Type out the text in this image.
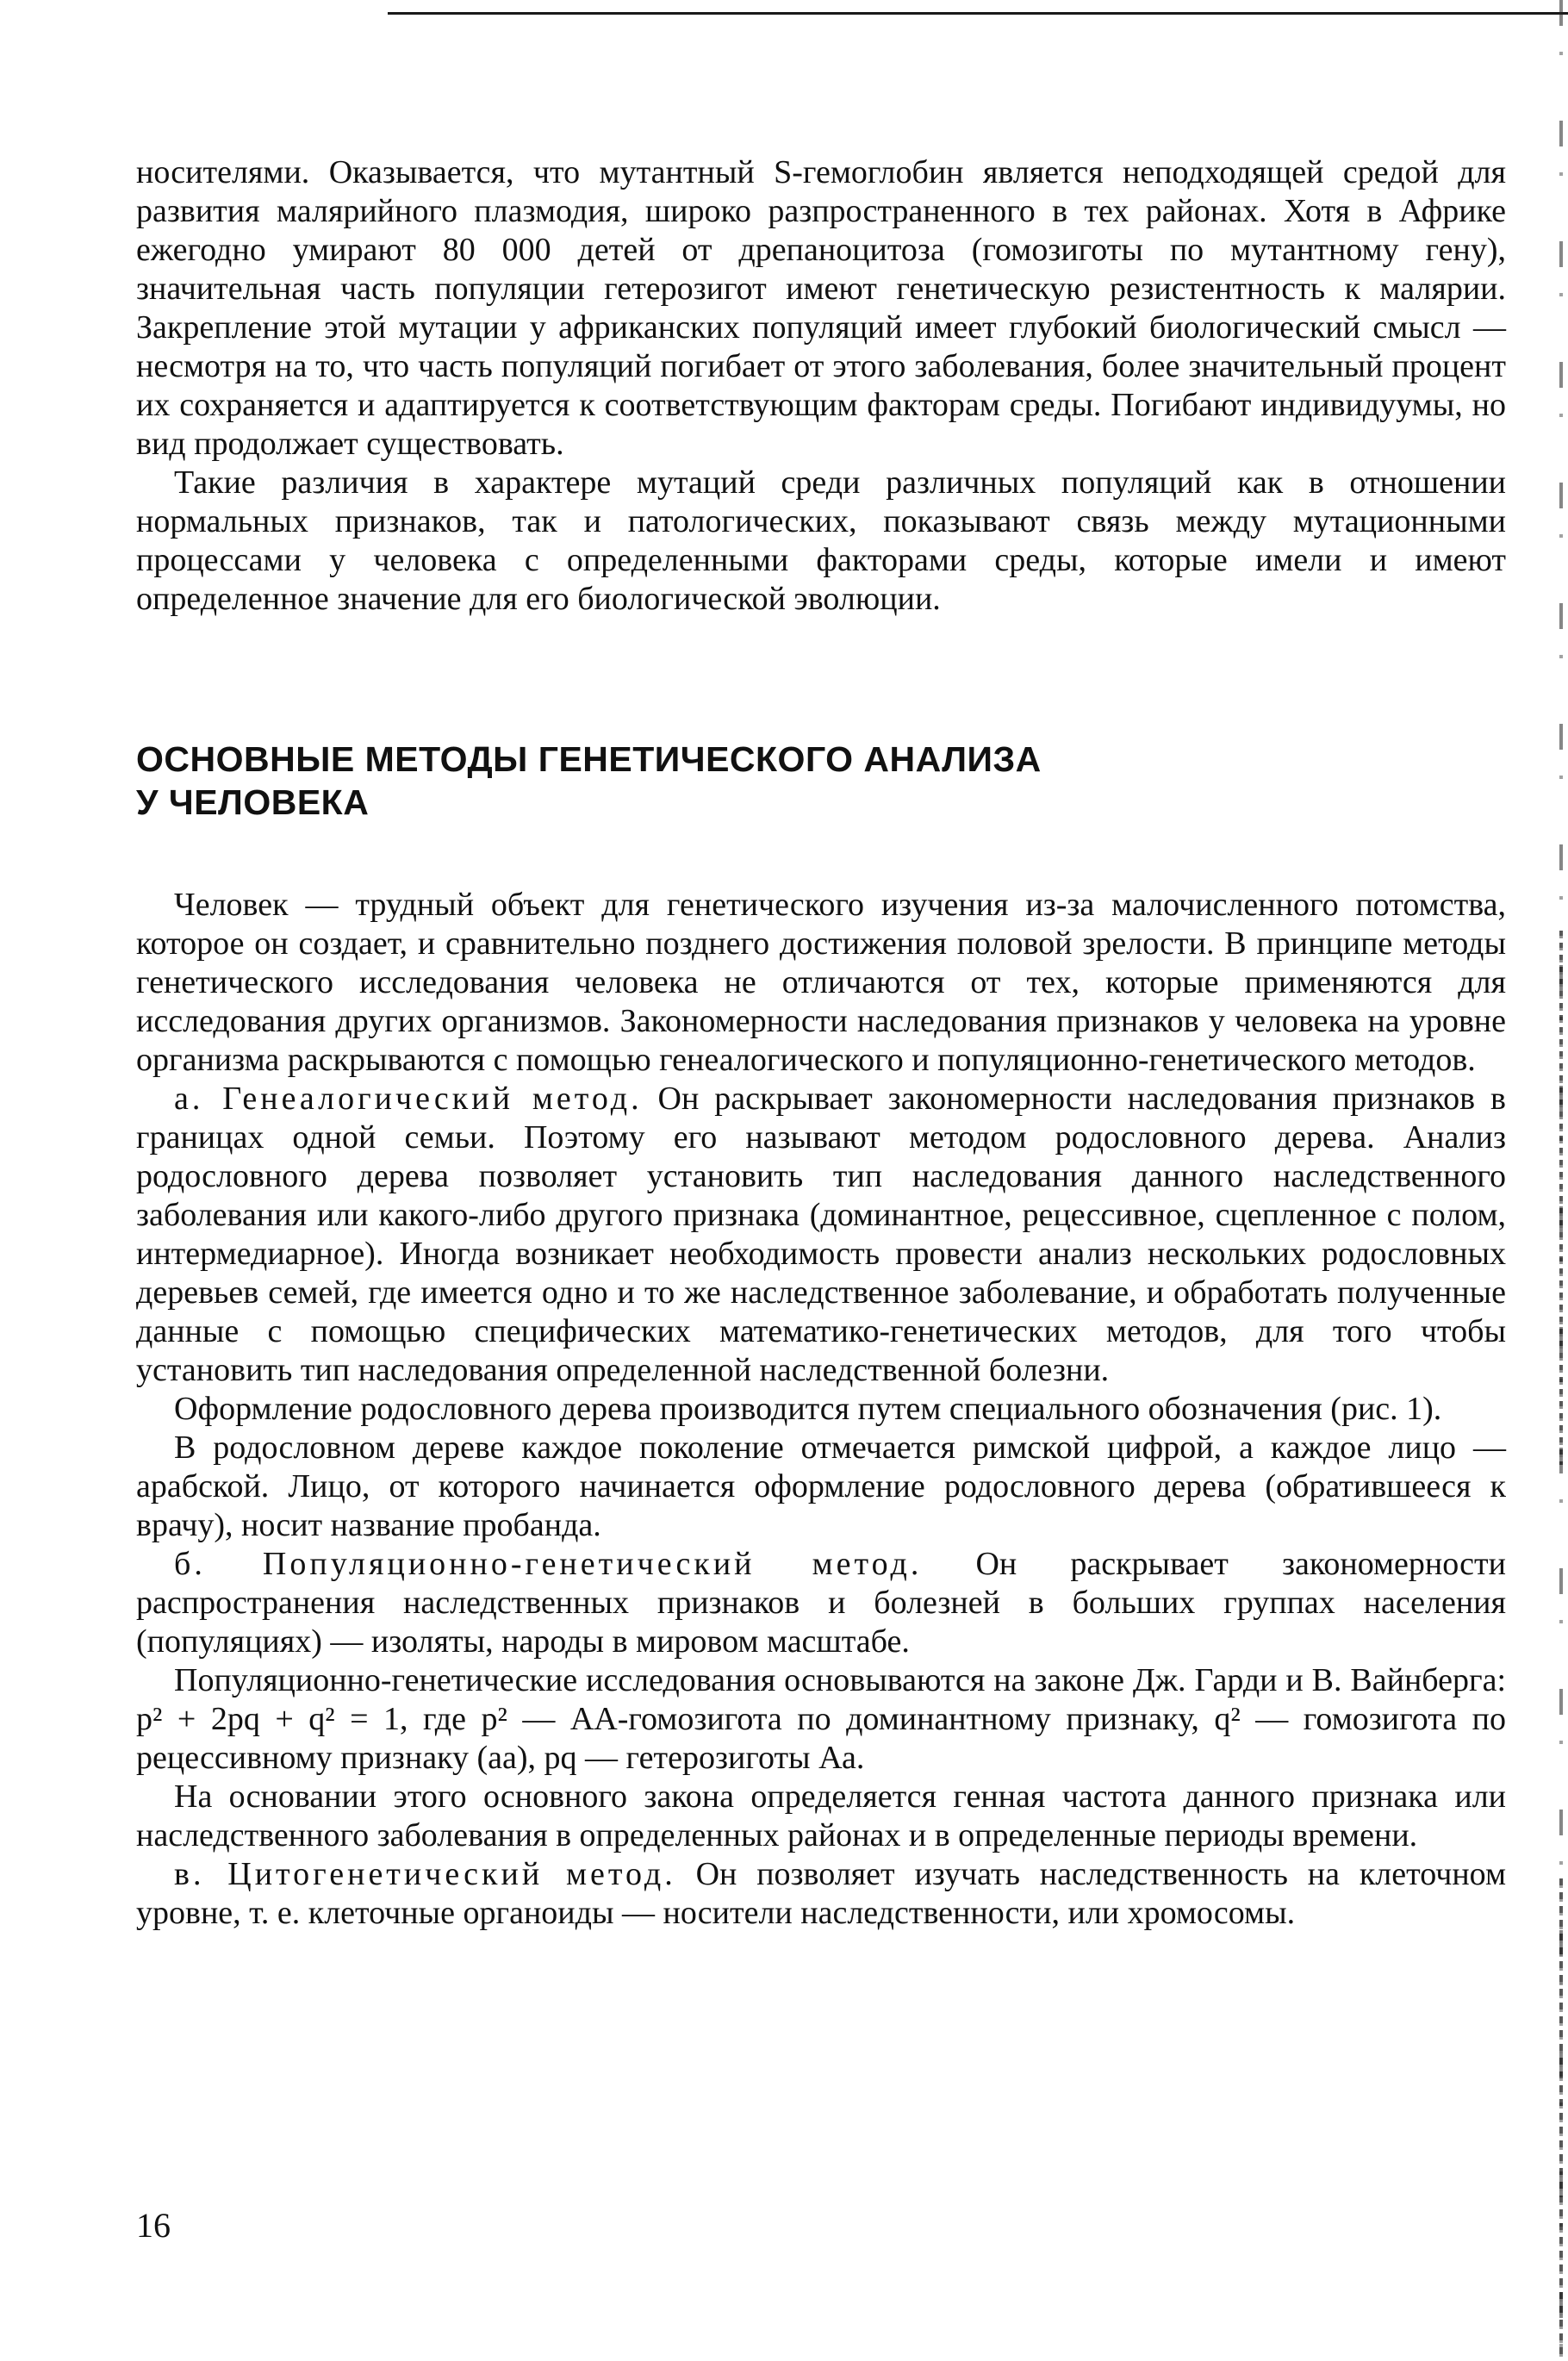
носителями. Оказывается, что мутантный S-гемоглобин является неподходящей средой для развития малярийного плазмодия, широко разпространенного в тех районах. Хотя в Африке ежегодно умирают 80 000 детей от дрепаноцитоза (гомозиготы по мутантному гену), значительная часть популяции гетерозигот имеют генетическую резистентность к малярии. Закрепление этой мутации у африканских популяций имеет глубокий биологический смысл — несмотря на то, что часть популяций погибает от этого заболевания, более значительный процент их сохраняется и адаптируется к соответствующим факторам среды. Погибают индивидуумы, но вид продолжает существовать.

Такие различия в характере мутаций среди различных популяций как в отношении нормальных признаков, так и патологических, показывают связь между мутационными процессами у человека с определенными факторами среды, которые имели и имеют определенное значение для его биологической эволюции.

ОСНОВНЫЕ МЕТОДЫ ГЕНЕТИЧЕСКОГО АНАЛИЗА
У ЧЕЛОВЕКА

Человек — трудный объект для генетического изучения из-за малочисленного потомства, которое он создает, и сравнительно позднего достижения половой зрелости. В принципе методы генетического исследования человека не отличаются от тех, которые применяются для исследования других организмов. Закономерности наследования признаков у человека на уровне организма раскрываются с помощью генеалогического и популяционно-генетического методов.

а. Генеалогический метод. Он раскрывает закономерности наследования признаков в границах одной семьи. Поэтому его называют методом родословного дерева. Анализ родословного дерева позволяет установить тип наследования данного наследственного заболевания или какого-либо другого признака (доминантное, рецессивное, сцепленное с полом, интермедиарное). Иногда возникает необходимость провести анализ нескольких родословных деревьев семей, где имеется одно и то же наследственное заболевание, и обработать полученные данные с помощью специфических математико-генетических методов, для того чтобы установить тип наследования определенной наследственной болезни.

Оформление родословного дерева производится путем специального обозначения (рис. 1).

В родословном дереве каждое поколение отмечается римской цифрой, а каждое лицо — арабской. Лицо, от которого начинается оформление родословного дерева (обратившееся к врачу), носит название пробанда.

б. Популяционно-генетический метод. Он раскрывает закономерности распространения наследственных признаков и болезней в больших группах населения (популяциях) — изоляты, народы в мировом масштабе.

Популяционно-генетические исследования основываются на законе Дж. Гарди и В. Вайнберга: p² + 2pq + q² = 1, где p² — АА-гомозигота по доминантному признаку, q² — гомозигота по рецессивному признаку (аа), pq — гетерозиготы Аа.

На основании этого основного закона определяется генная частота данного признака или наследственного заболевания в определенных районах и в определенные периоды времени.

в. Цитогенетический метод. Он позволяет изучать наследственность на клеточном уровне, т. е. клеточные органоиды — носители наследственности, или хромосомы.

16
